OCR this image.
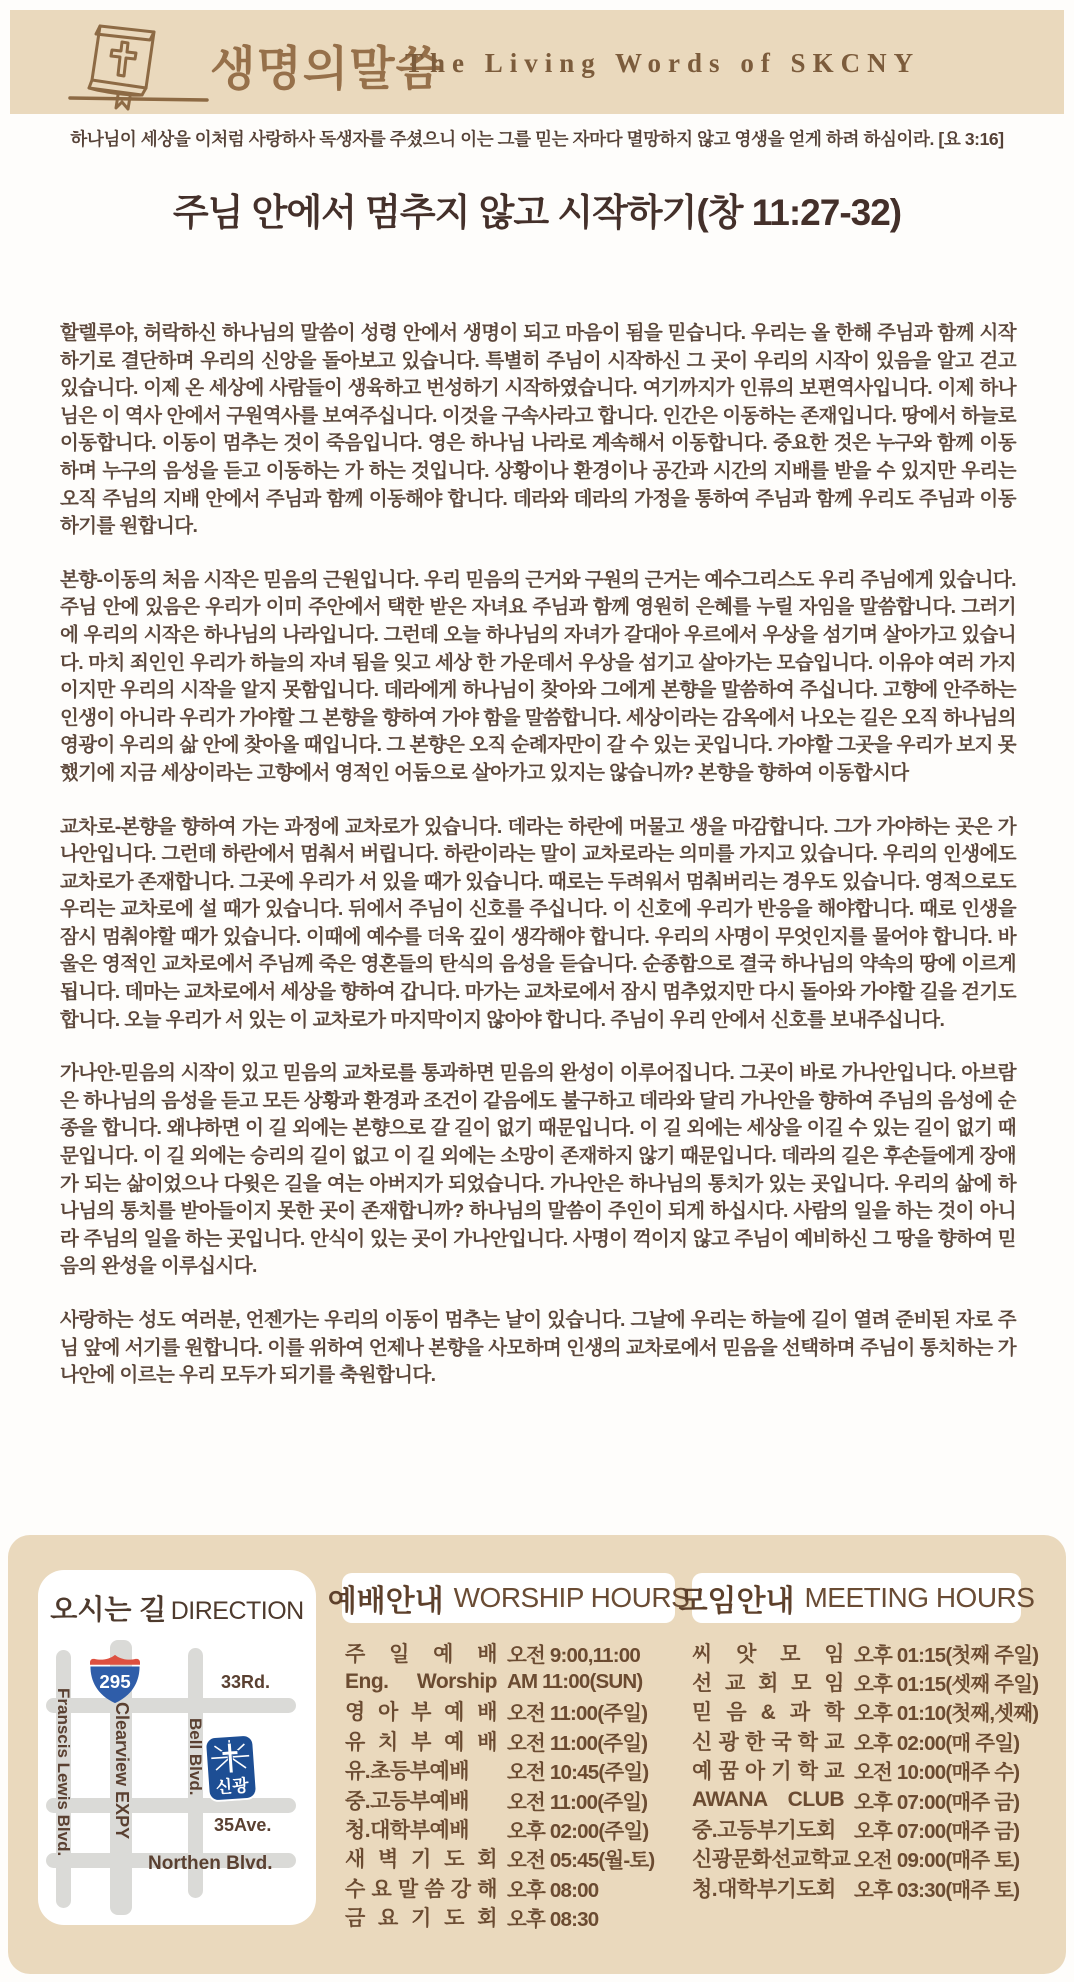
생명의말씀
The Living Words of SKCNY
하나님이 세상을 이처럼 사랑하사 독생자를 주셨으니 이는 그를 믿는 자마다 멸망하지 않고 영생을 얻게 하려 하심이라. [요 3:16]
주님 안에서 멈추지 않고 시작하기(창 11:27-32)

할렐루야, 허락하신 하나님의 말씀이 성령 안에서 생명이 되고 마음이 됨을 믿습니다. 우리는 올 한해 주님과 함께 시작하기로 결단하며 우리의 신앙을 돌아보고 있습니다. 특별히 주님이 시작하신 그 곳이 우리의 시작이 있음을 알고 걷고 있습니다. 이제 온 세상에 사람들이 생육하고 번성하기 시작하였습니다. 여기까지가 인류의 보편역사입니다. 이제 하나님은 이 역사 안에서 구원역사를 보여주십니다. 이것을 구속사라고 합니다. 인간은 이동하는 존재입니다. 땅에서 하늘로 이동합니다. 이동이 멈추는 것이 죽음입니다. 영은 하나님 나라로 계속해서 이동합니다. 중요한 것은 누구와 함께 이동하며 누구의 음성을 듣고 이동하는 가 하는 것입니다. 상황이나 환경이나 공간과 시간의 지배를 받을 수 있지만 우리는 오직 주님의 지배 안에서 주님과 함께 이동해야 합니다. 데라와 데라의 가정을 통하여 주님과 함께 우리도 주님과 이동하기를 원합니다.

본향-이동의 처음 시작은 믿음의 근원입니다. 우리 믿음의 근거와 구원의 근거는 예수그리스도 우리 주님에게 있습니다. 주님 안에 있음은 우리가 이미 주안에서 택한 받은 자녀요 주님과 함께 영원히 은혜를 누릴 자임을 말씀합니다. 그러기에 우리의 시작은 하나님의 나라입니다. 그런데 오늘 하나님의 자녀가 갈대아 우르에서 우상을 섬기며 살아가고 있습니다. 마치 죄인인 우리가 하늘의 자녀 됨을 잊고 세상 한 가운데서 우상을 섬기고 살아가는 모습입니다. 이유야 여러 가지이지만 우리의 시작을 알지 못함입니다. 데라에게 하나님이 찾아와 그에게 본향을 말씀하여 주십니다. 고향에 안주하는 인생이 아니라 우리가 가야할 그 본향을 향하여 가야 함을 말씀합니다. 세상이라는 감옥에서 나오는 길은 오직 하나님의 영광이 우리의 삶 안에 찾아올 때입니다. 그 본향은 오직 순례자만이 갈 수 있는 곳입니다. 가야할 그곳을 우리가 보지 못했기에 지금 세상이라는 고향에서 영적인 어둠으로 살아가고 있지는 않습니까? 본향을 향하여 이동합시다

교차로-본향을 향하여 가는 과정에 교차로가 있습니다. 데라는 하란에 머물고 생을 마감합니다. 그가 가야하는 곳은 가나안입니다. 그런데 하란에서 멈춰서 버립니다. 하란이라는 말이 교차로라는 의미를 가지고 있습니다. 우리의 인생에도 교차로가 존재합니다. 그곳에 우리가 서 있을 때가 있습니다. 때로는 두려워서 멈춰버리는 경우도 있습니다. 영적으로도 우리는 교차로에 설 때가 있습니다. 뒤에서 주님이 신호를 주십니다. 이 신호에 우리가 반응을 해야합니다. 때로 인생을 잠시 멈춰야할 때가 있습니다. 이때에 예수를 더욱 깊이 생각해야 합니다. 우리의 사명이 무엇인지를 물어야 합니다. 바울은 영적인 교차로에서 주님께 죽은 영혼들의 탄식의 음성을 듣습니다. 순종함으로 결국 하나님의 약속의 땅에 이르게 됩니다. 데마는 교차로에서 세상을 향하여 갑니다. 마가는 교차로에서 잠시 멈추었지만 다시 돌아와 가야할 길을 걷기도 합니다. 오늘 우리가 서 있는 이 교차로가 마지막이지 않아야 합니다. 주님이 우리 안에서 신호를 보내주십니다.

가나안-믿음의 시작이 있고 믿음의 교차로를 통과하면 믿음의 완성이 이루어집니다. 그곳이 바로 가나안입니다. 아브람은 하나님의 음성을 듣고 모든 상황과 환경과 조건이 같음에도 불구하고 데라와 달리 가나안을 향하여 주님의 음성에 순종을 합니다. 왜냐하면 이 길 외에는 본향으로 갈 길이 없기 때문입니다. 이 길 외에는 세상을 이길 수 있는 길이 없기 때문입니다. 이 길 외에는 승리의 길이 없고 이 길 외에는 소망이 존재하지 않기 때문입니다. 데라의 길은 후손들에게 장애가 되는 삶이었으나 다윗은 길을 여는 아버지가 되었습니다. 가나안은 하나님의 통치가 있는 곳입니다. 우리의 삶에 하나님의 통치를 받아들이지 못한 곳이 존재합니까? 하나님의 말씀이 주인이 되게 하십시다. 사람의 일을 하는 것이 아니라 주님의 일을 하는 곳입니다. 안식이 있는 곳이 가나안입니다. 사명이 꺽이지 않고 주님이 예비하신 그 땅을 향하여 믿음의 완성을 이루십시다.

사랑하는 성도 여러분, 언젠가는 우리의 이동이 멈추는 날이 있습니다. 그날에 우리는 하늘에 길이 열려 준비된 자로 주님 앞에 서기를 원합니다. 이를 위하여 언제나 본향을 사모하며 인생의 교차로에서 믿음을 선택하며 주님이 통치하는 가나안에 이르는 우리 모두가 되기를 축원합니다.

오시는 길 DIRECTION
Franscis Lewis Blvd. Clearview EXPY	Bell Blvd.
33Rd.
35Ave.
Northen Blvd.
295
신광
예배안내 WORSHIP HOURS
주 일 예 배 오전 9:00,11:00
Eng. Worship AM 11:00(SUN)
영 아 부 예 배 오전 11:00(주일)
유 치 부 예 배 오전 11:00(주일)
유.초등부예배	오전 10:45(주일)
중.고등부예배	오전 11:00(주일)
청.대학부예배	오후 02:00(주일)
새 벽 기 도 회 오전 05:45(월-토)
수 요 말 씀 강 해 오후 08:00
금 요 기 도 회 오후 08:30
모임안내 MEETING HOURS
씨 앗 모 임 오후 01:15(첫째 주일)
선 교 회 모 임 오후 01:15(셋째 주일)
믿 음 & 과 학 오후 01:10(첫째,셋째)
신 광 한 국 학 교 오후 02:00(매 주일)
예 꿈 아 기 학 교 오전 10:00(매주 수)
AWANA CLUB 오후 07:00(매주 금)
중.고등부기도회 오후 07:00(매주 금)
신광문화선교학교 오전 09:00(매주 토)
청.대학부기도회 오후 03:30(매주 토)
